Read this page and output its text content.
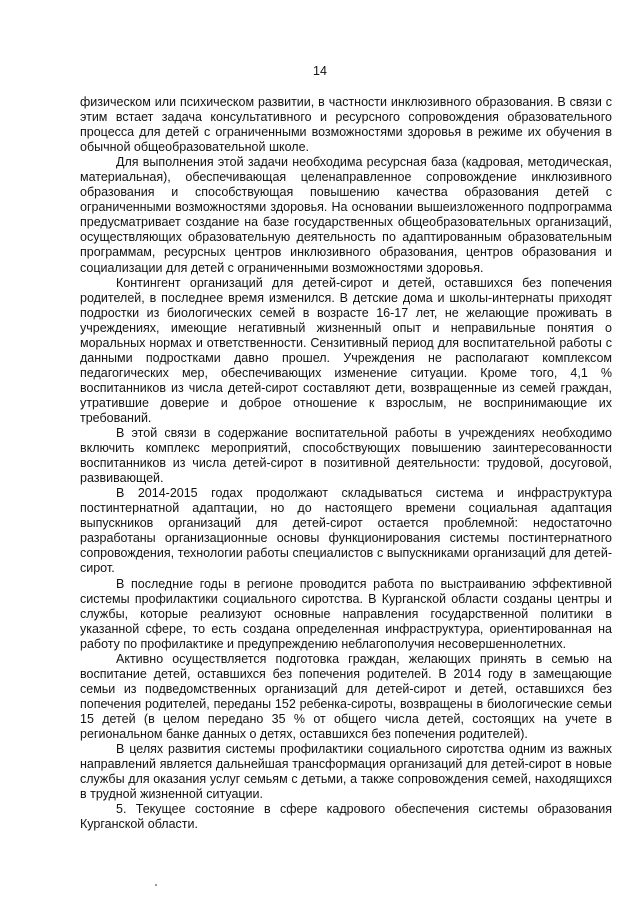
14

физическом или психическом развитии, в частности инклюзивного образования. В связи с этим встает задача консультативного и ресурсного сопровождения образовательного процесса для детей с ограниченными возможностями здоровья в режиме их обучения в обычной общеобразовательной школе.

Для выполнения этой задачи необходима ресурсная база (кадровая, методическая, материальная), обеспечивающая целенаправленное сопровождение инклюзивного образования и способствующая повышению качества образования детей с ограниченными возможностями здоровья. На основании вышеизложенного подпрограмма предусматривает создание на базе государственных общеобразовательных организаций, осуществляющих образовательную деятельность по адаптированным образовательным программам, ресурсных центров инклюзивного образования, центров образования и социализации для детей с ограниченными возможностями здоровья.

Контингент организаций для детей-сирот и детей, оставшихся без попечения родителей, в последнее время изменился. В детские дома и школы-интернаты приходят подростки из биологических семей в возрасте 16-17 лет, не желающие проживать в учреждениях, имеющие негативный жизненный опыт и неправильные понятия о моральных нормах и ответственности. Сензитивный период для воспитательной работы с данными подростками давно прошел. Учреждения не располагают комплексом педагогических мер, обеспечивающих изменение ситуации. Кроме того, 4,1 % воспитанников из числа детей-сирот составляют дети, возвращенные из семей граждан, утратившие доверие и доброе отношение к взрослым, не воспринимающие их требований.

В этой связи в содержание воспитательной работы в учреждениях необходимо включить комплекс мероприятий, способствующих повышению заинтересованности воспитанников из числа детей-сирот в позитивной деятельности: трудовой, досуговой, развивающей.

В 2014-2015 годах продолжают складываться система и инфраструктура постинтернатной адаптации, но до настоящего времени социальная адаптация выпускников организаций для детей-сирот остается проблемной: недостаточно разработаны организационные основы функционирования системы постинтернатного сопровождения, технологии работы специалистов с выпускниками организаций для детей-сирот.

В последние годы в регионе проводится работа по выстраиванию эффективной системы профилактики социального сиротства. В Курганской области созданы центры и службы, которые реализуют основные направления государственной политики в указанной сфере, то есть создана определенная инфраструктура, ориентированная на работу по профилактике и предупреждению неблагополучия несовершеннолетних.

Активно осуществляется подготовка граждан, желающих принять в семью на воспитание детей, оставшихся без попечения родителей. В 2014 году в замещающие семьи из подведомственных организаций для детей-сирот и детей, оставшихся без попечения родителей, переданы 152 ребенка-сироты, возвращены в биологические семьи 15 детей (в целом передано 35 % от общего числа детей, состоящих на учете в региональном банке данных о детях, оставшихся без попечения родителей).

В целях развития системы профилактики социального сиротства одним из важных направлений является дальнейшая трансформация организаций для детей-сирот в новые службы для оказания услуг семьям с детьми, а также сопровождения семей, находящихся в трудной жизненной ситуации.

5. Текущее состояние в сфере кадрового обеспечения системы образования Курганской области.
